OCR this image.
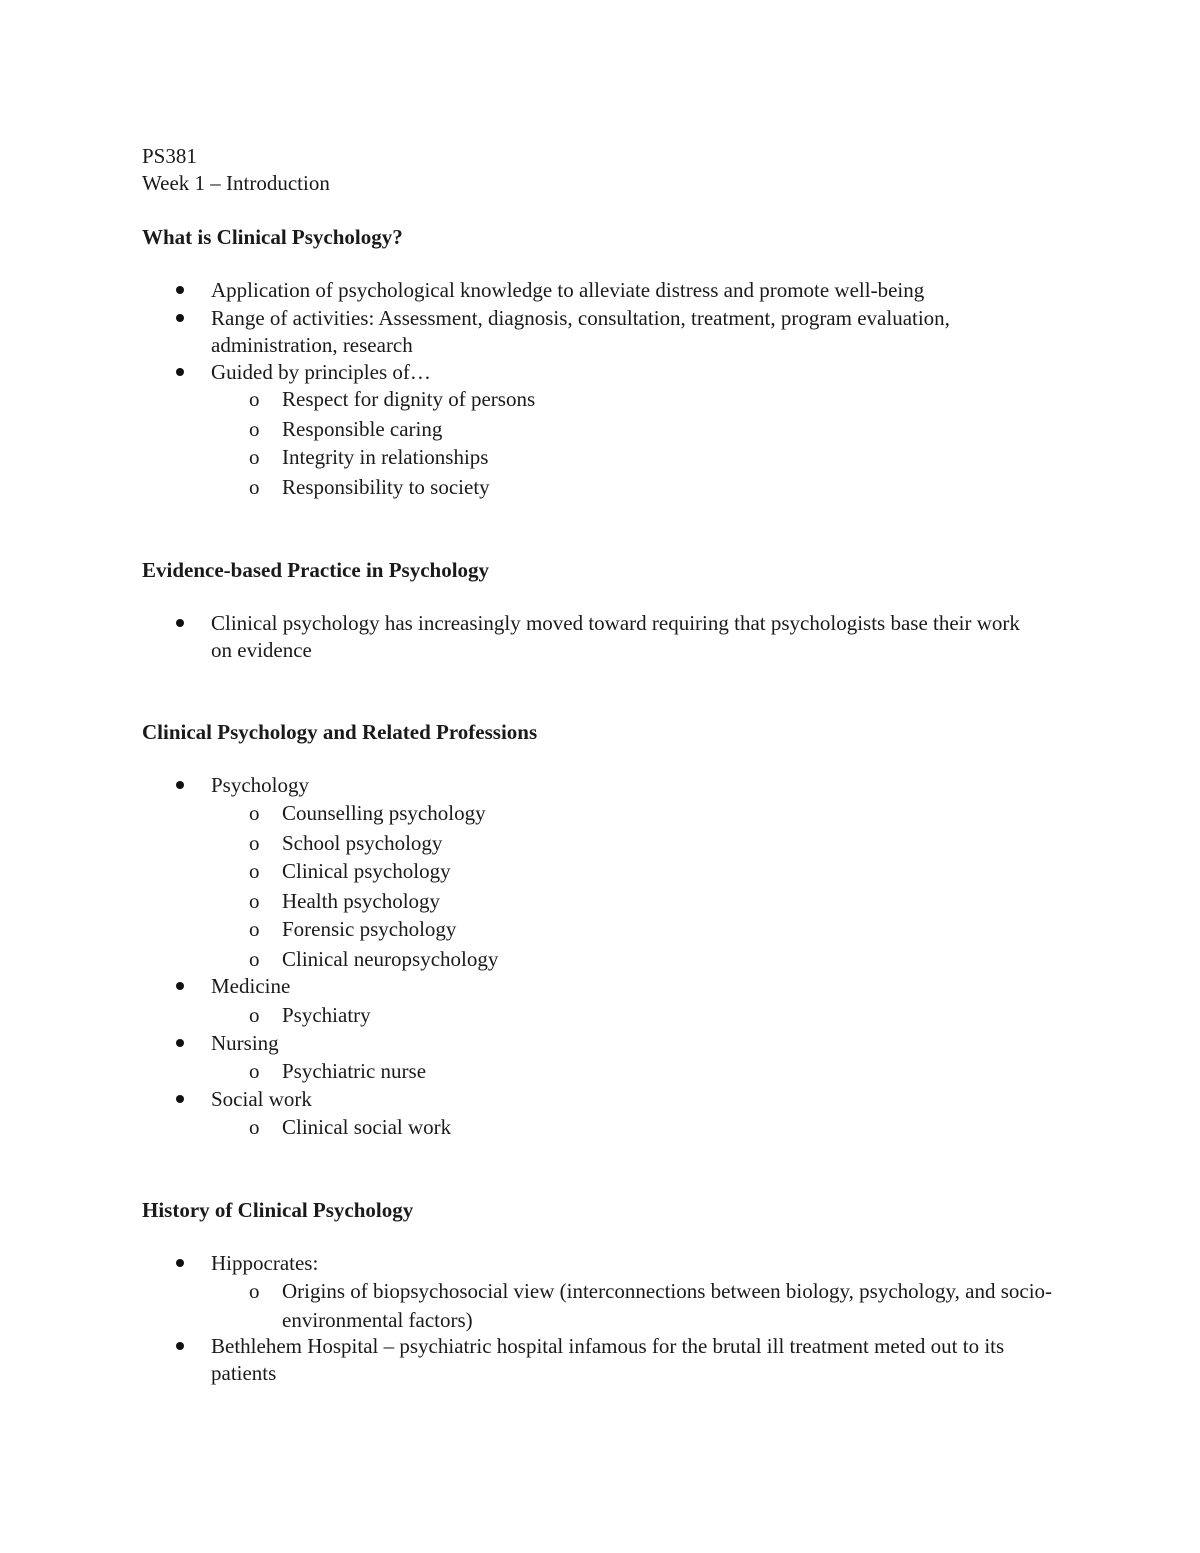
PS381
Week 1 – Introduction
What is Clinical Psychology?
Application of psychological knowledge to alleviate distress and promote well-being
Range of activities: Assessment, diagnosis, consultation, treatment, program evaluation, administration, research
Guided by principles of…
o Respect for dignity of persons
o Responsible caring
o Integrity in relationships
o Responsibility to society
Evidence-based Practice in Psychology
Clinical psychology has increasingly moved toward requiring that psychologists base their work on evidence
Clinical Psychology and Related Professions
Psychology
o Counselling psychology
o School psychology
o Clinical psychology
o Health psychology
o Forensic psychology
o Clinical neuropsychology
Medicine
o Psychiatry
Nursing
o Psychiatric nurse
Social work
o Clinical social work
History of Clinical Psychology
Hippocrates:
o Origins of biopsychosocial view (interconnections between biology, psychology, and socio-environmental factors)
Bethlehem Hospital – psychiatric hospital infamous for the brutal ill treatment meted out to its patients
